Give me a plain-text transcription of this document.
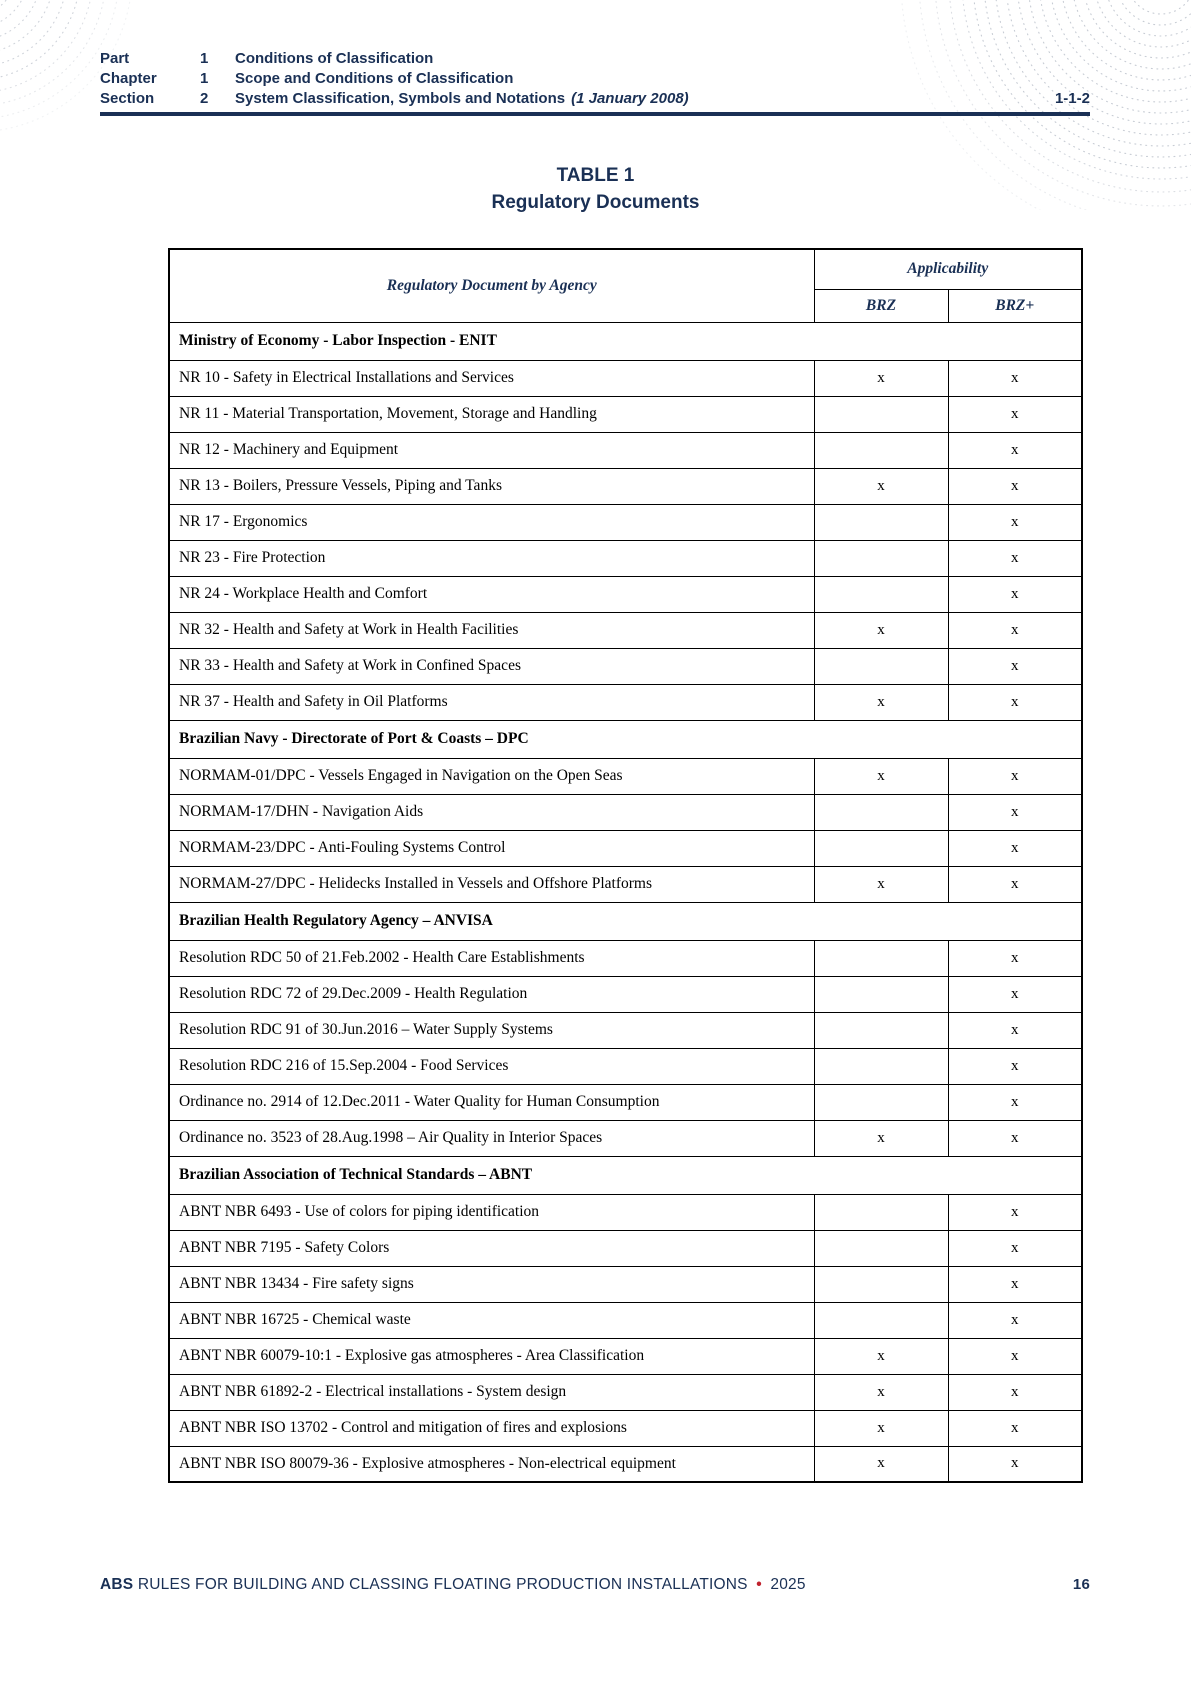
Part	1	Conditions of Classification
Chapter	1	Scope and Conditions of Classification
Section	2	System Classification, Symbols and Notations (1 January 2008)	1-1-2
TABLE 1
Regulatory Documents
Regulatory Document by Agency	Applicability	
	BRZ	BRZ+
Ministry of Economy - Labor Inspection - ENIT		
NR 10 - Safety in Electrical Installations and Services	x	x
NR 11 - Material Transportation, Movement, Storage and Handling		x
NR 12 - Machinery and Equipment		x
NR 13 - Boilers, Pressure Vessels, Piping and Tanks	x	x
NR 17 - Ergonomics		x
NR 23 - Fire Protection		x
NR 24 - Workplace Health and Comfort		x
NR 32 - Health and Safety at Work in Health Facilities	x	x
NR 33 - Health and Safety at Work in Confined Spaces		x
NR 37 - Health and Safety in Oil Platforms	x	x
Brazilian Navy - Directorate of Port & Coasts – DPC		
NORMAM-01/DPC - Vessels Engaged in Navigation on the Open Seas	x	x
NORMAM-17/DHN - Navigation Aids		x
NORMAM-23/DPC - Anti-Fouling Systems Control		x
NORMAM-27/DPC - Helidecks Installed in Vessels and Offshore Platforms	x	x
Brazilian Health Regulatory Agency – ANVISA		
Resolution RDC 50 of 21.Feb.2002 - Health Care Establishments		x
Resolution RDC 72 of 29.Dec.2009 - Health Regulation		x
Resolution RDC 91 of 30.Jun.2016 – Water Supply Systems		x
Resolution RDC 216 of 15.Sep.2004 - Food Services		x
Ordinance no. 2914 of 12.Dec.2011 - Water Quality for Human Consumption		x
Ordinance no. 3523 of 28.Aug.1998 – Air Quality in Interior Spaces	x	x
Brazilian Association of Technical Standards – ABNT		
ABNT NBR 6493 - Use of colors for piping identification		x
ABNT NBR 7195 - Safety Colors		x
ABNT NBR 13434 - Fire safety signs		x
ABNT NBR 16725 - Chemical waste		x
ABNT NBR 60079-10:1 - Explosive gas atmospheres - Area Classification	x	x
ABNT NBR 61892-2 - Electrical installations - System design	x	x
ABNT NBR ISO 13702 - Control and mitigation of fires and explosions	x	x
ABNT NBR ISO 80079-36 - Explosive atmospheres - Non-electrical equipment	x	x
ABS RULES FOR BUILDING AND CLASSING FLOATING PRODUCTION INSTALLATIONS • 2025	16
